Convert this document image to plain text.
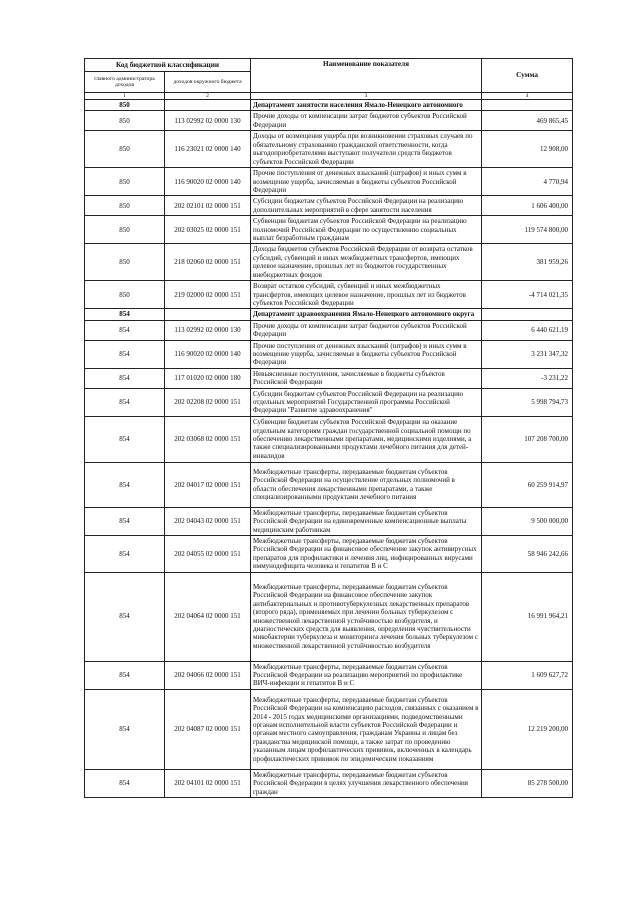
Код бюджетной классификации		Наименование показателя	Сумма
главного администратора доходов	доходов окружного бюджета		
1	2	3	4
850		Департамент занятости населения Ямало-Ненецкого автономного	
850	113 02992 02 0000 130	Прочие доходы от компенсации затрат бюджетов субъектов Российской Федерации	469 865,45
850	116 23021 02 0000 140	Доходы от возмещения ущерба при возникновении страховых случаев по обязательному страхованию гражданской ответственности, когда выгодоприобретателями выступают получатели средств бюджетов субъектов Российской Федерации	12 908,00
850	116 90020 02 0000 140	Прочие поступления от денежных взысканий (штрафов) и иных сумм в возмещение ущерба, зачисляемые в бюджеты субъектов Российской Федерации	4 770,94
850	202 02101 02 0000 151	Субсидии бюджетам субъектов Российской Федерации на реализацию дополнительных мероприятий в сфере занятости населения	1 606 400,00
850	202 03025 02 0000 151	Субвенции бюджетам субъектов Российской Федерации на реализацию полномочий Российской Федерации по осуществлению социальных выплат безработным гражданам	119 574 800,00
850	218 02060 02 0000 151	Доходы бюджетов субъектов Российской Федерации от возврата остатков субсидий, субвенций и иных межбюджетных трансфертов, имеющих целевое назначение, прошлых лет из бюджетов государственных внебюджетных фондов	381 959,26
850	219 02000 02 0000 151	Возврат остатков субсидий, субвенций и иных межбюджетных трансфертов, имеющих целевое назначение, прошлых лет из бюджетов субъектов Российской Федерации	-4 714 021,35
854		Департамент здравоохранения Ямало-Ненецкого автономного округа	
854	113 02992 02 0000 130	Прочие доходы от компенсации затрат бюджетов субъектов Российской Федерации	6 440 621,19
854	116 90020 02 0000 140	Прочие поступления от денежных взысканий (штрафов) и иных сумм в возмещение ущерба, зачисляемые в бюджеты субъектов Российской Федерации	3 231 347,32
854	117 01020 02 0000 180	Невыясненные поступления, зачисляемые в бюджеты субъектов Российской Федерации	-3 231,22
854	202 02208 02 0000 151	Субсидии бюджетам субъектов Российской Федерации на реализацию отдельных мероприятий Государственной программы Российской Федерации "Развитие здравоохранения"	5 998 794,73
854	202 03068 02 0000 151	Субвенции бюджетам субъектов Российской Федерации на оказание отдельным категориям граждан государственной социальной помощи по обеспечению лекарственными препаратами, медицинскими изделиями, а также специализированными продуктами лечебного питания для детей-инвалидов	107 208 700,00
854	202 04017 02 0000 151	Межбюджетные трансферты, передаваемые бюджетам субъектов Российской Федерации на осуществление отдельных полномочий в области обеспечения лекарственными препаратами, а также специализированными продуктами лечебного питания	60 259 914,97
854	202 04043 02 0000 151	Межбюджетные трансферты, передаваемые бюджетам субъектов Российской Федерации на единовременные компенсационные выплаты медицинским работникам	9 500 000,00
854	202 04055 02 0000 151	Межбюджетные трансферты, передаваемые бюджетам субъектов Российской Федерации на финансовое обеспечение закупок антивирусных препаратов для профилактики и лечения лиц, инфицированных вирусами иммунодефицита человека и гепатитов В и С	58 946 242,66
854	202 04064 02 0000 151	Межбюджетные трансферты, передаваемые бюджетам субъектов Российской Федерации на финансовое обеспечение закупок антибактериальных и противотуберкулезных лекарственных препаратов (второго ряда), применяемых при лечении больных туберкулезом с множественной лекарственной устойчивостью возбудителя, и диагностических средств для выявления, определения чувствительности микобактерии туберкулеза и мониторинга лечения больных туберкулезом с множественной лекарственной устойчивостью возбудителя	16 991 964,21
854	202 04066 02 0000 151	Межбюджетные трансферты, передаваемые бюджетам субъектов Российской Федерации на реализацию мероприятий по профилактике ВИЧ-инфекции и гепатитов В и С	1 609 627,72
854	202 04087 02 0000 151	Межбюджетные трансферты, передаваемые бюджетам субъектов Российской Федерации на компенсацию расходов, связанных с оказанием в 2014 - 2015 годах медицинскими организациями, подведомственными органам исполнительной власти субъектов Российской Федерации и органам местного самоуправления, гражданам Украины и лицам без гражданства медицинской помощи, а также затрат по проведению указанным лицам профилактических прививок, включенных в календарь профилактических прививок по эпидемическим показаниям	12 219 200,00
854	202 04101 02 0000 151	Межбюджетные трансферты, передаваемые бюджетам субъектов Российской Федерации в целях улучшения лекарственного обеспечения граждан	85 278 500,00
